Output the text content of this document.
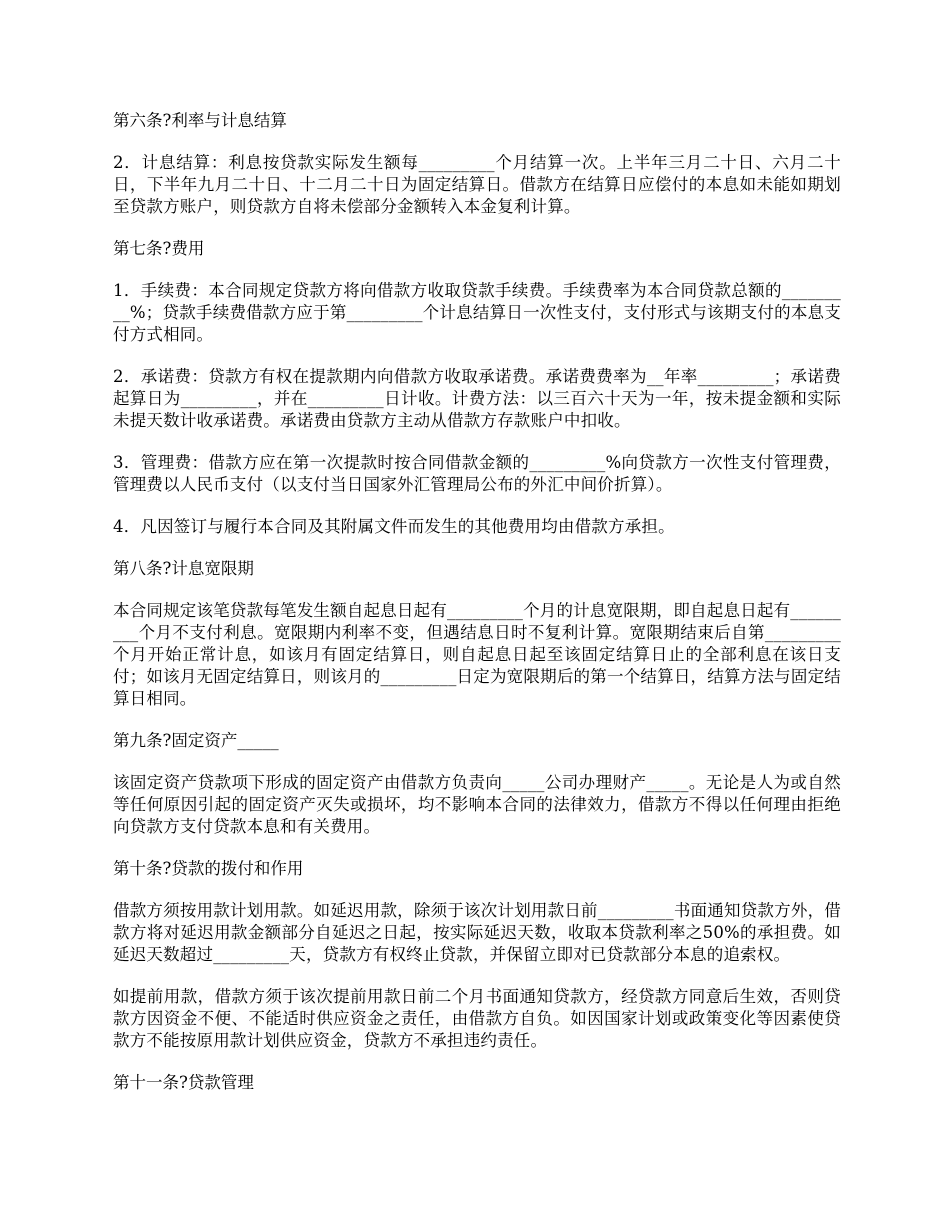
第六条?利率与计息结算

2．计息结算：利息按贷款实际发生额每_________个月结算一次。上半年三月二十日、六月二十日，下半年九月二十日、十二月二十日为固定结算日。借款方在结算日应偿付的本息如未能如期划至贷款方账户，则贷款方自将未偿部分金额转入本金复利计算。

第七条?费用

1．手续费：本合同规定贷款方将向借款方收取贷款手续费。手续费率为本合同贷款总额的_________%；贷款手续费借款方应于第_________个计息结算日一次性支付，支付形式与该期支付的本息支付方式相同。

2．承诺费：贷款方有权在提款期内向借款方收取承诺费。承诺费费率为__年率_________；承诺费起算日为_________，并在_________日计收。计费方法：以三百六十天为一年，按未提金额和实际未提天数计收承诺费。承诺费由贷款方主动从借款方存款账户中扣收。

3．管理费：借款方应在第一次提款时按合同借款金额的_________%向贷款方一次性支付管理费，管理费以人民币支付（以支付当日国家外汇管理局公布的外汇中间价折算）。

4．凡因签订与履行本合同及其附属文件而发生的其他费用均由借款方承担。

第八条?计息宽限期

本合同规定该笔贷款每笔发生额自起息日起有_________个月的计息宽限期，即自起息日起有_________个月不支付利息。宽限期内利率不变，但遇结息日时不复利计算。宽限期结束后自第_________个月开始正常计息，如该月有固定结算日，则自起息日起至该固定结算日止的全部利息在该日支付；如该月无固定结算日，则该月的_________日定为宽限期后的第一个结算日，结算方法与固定结算日相同。

第九条?固定资产_____

该固定资产贷款项下形成的固定资产由借款方负责向_____公司办理财产_____。无论是人为或自然等任何原因引起的固定资产灭失或损坏，均不影响本合同的法律效力，借款方不得以任何理由拒绝向贷款方支付贷款本息和有关费用。

第十条?贷款的拨付和作用

借款方须按用款计划用款。如延迟用款，除须于该次计划用款日前_________书面通知贷款方外，借款方将对延迟用款金额部分自延迟之日起，按实际延迟天数，收取本贷款利率之50%的承担费。如延迟天数超过_________天，贷款方有权终止贷款，并保留立即对已贷款部分本息的追索权。

如提前用款，借款方须于该次提前用款日前二个月书面通知贷款方，经贷款方同意后生效，否则贷款方因资金不便、不能适时供应资金之责任，由借款方自负。如因国家计划或政策变化等因素使贷款方不能按原用款计划供应资金，贷款方不承担违约责任。

第十一条?贷款管理
